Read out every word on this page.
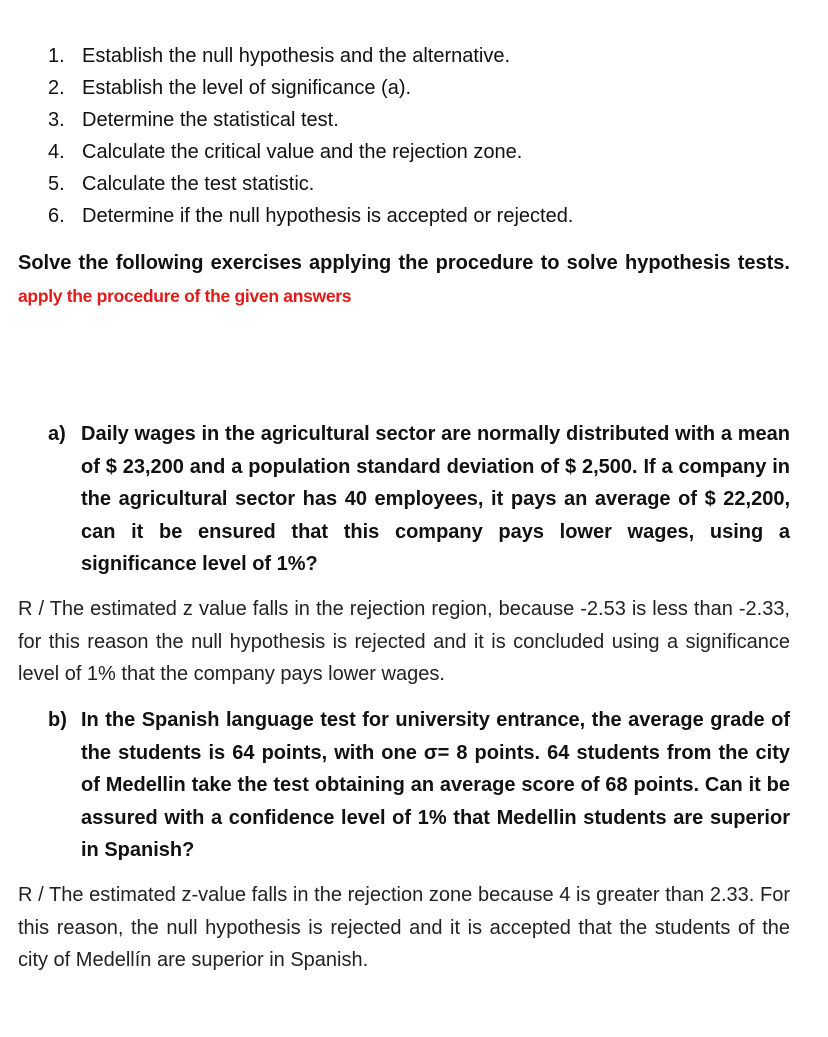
1. Establish the null hypothesis and the alternative.
2. Establish the level of significance (a).
3. Determine the statistical test.
4. Calculate the critical value and the rejection zone.
5. Calculate the test statistic.
6. Determine if the null hypothesis is accepted or rejected.
Solve the following exercises applying the procedure to solve hypothesis tests. apply the procedure of the given answers
a) Daily wages in the agricultural sector are normally distributed with a mean of $ 23,200 and a population standard deviation of $ 2,500. If a company in the agricultural sector has 40 employees, it pays an average of $ 22,200, can it be ensured that this company pays lower wages, using a significance level of 1%?
R / The estimated z value falls in the rejection region, because -2.53 is less than -2.33, for this reason the null hypothesis is rejected and it is concluded using a significance level of 1% that the company pays lower wages.
b) In the Spanish language test for university entrance, the average grade of the students is 64 points, with one σ= 8 points. 64 students from the city of Medellin take the test obtaining an average score of 68 points. Can it be assured with a confidence level of 1% that Medellin students are superior in Spanish?
R / The estimated z-value falls in the rejection zone because 4 is greater than 2.33. For this reason, the null hypothesis is rejected and it is accepted that the students of the city of Medellín are superior in Spanish.
